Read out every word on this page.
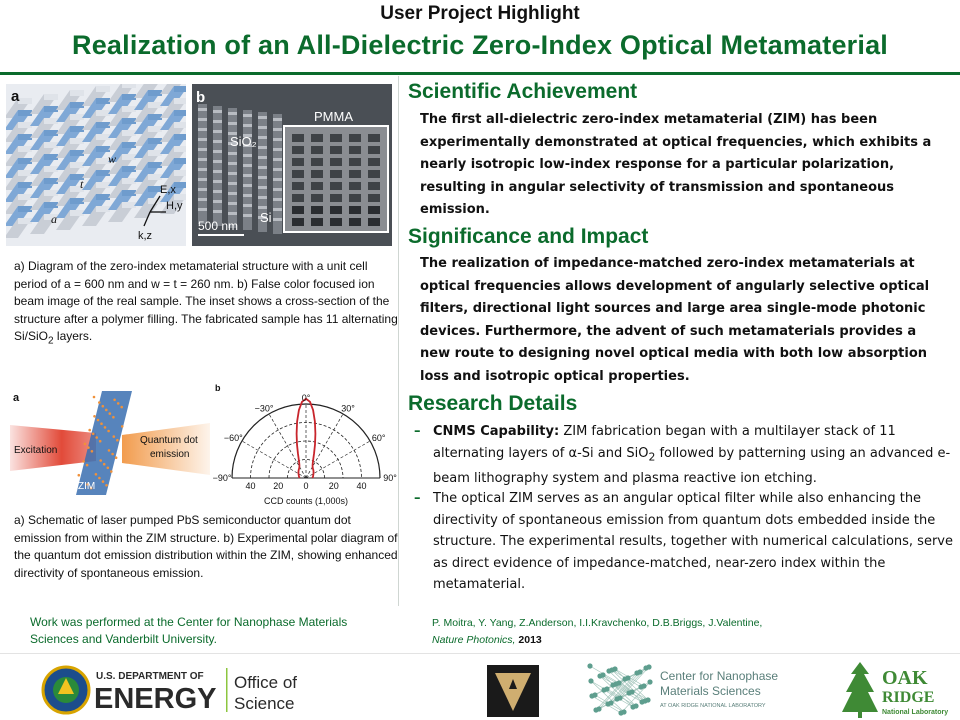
User Project Highlight
Realization of an All-Dielectric Zero-Index Optical Metamaterial
a
w
t
a
E,x
H,y
k,z
b
SiO₂
PMMA
Si
500 nm
a) Diagram of the zero-index metamaterial structure with a unit cell period of a = 600 nm and w = t = 260 nm. b) False color focused ion beam image of the real sample. The inset shows a cross-section of the structure after a polymer filling. The fabricated sample has 11 alternating Si/SiO$_2$ layers.
a
Excitation
Quantum dot
emission
ZIM
b
0°
30°
60°
90°
−30°
−60°
−90°
40 20 0 20 40
CCD counts (1,000s)
a) Schematic of laser pumped PbS semiconductor quantum dot emission from within the ZIM structure. b) Experimental polar diagram of the quantum dot emission distribution within the ZIM, showing enhanced directivity of spontaneous emission.
Work was performed at the Center for Nanophase Materials Sciences and Vanderbilt University.
Scientific Achievement
The first all-dielectric zero-index metamaterial (ZIM) has been experimentally demonstrated at optical frequencies, which exhibits a nearly isotropic low-index response for a particular polarization, resulting in angular selectivity of transmission and spontaneous emission.
Significance and Impact
The realization of impedance-matched zero-index metamaterials at optical frequencies allows development of angularly selective optical filters, directional light sources and large area single-mode photonic devices. Furthermore, the advent of such metamaterials provides a new route to designing novel optical media with both low absorption loss and isotropic optical properties.
Research Details
– CNMS Capability: ZIM fabrication began with a multilayer stack of 11 alternating layers of α-Si and SiO$_2$ followed by patterning using an advanced e-beam lithography system and plasma reactive ion etching.
– The optical ZIM serves as an angular optical filter while also enhancing the directivity of spontaneous emission from quantum dots embedded inside the structure. The experimental results, together with numerical calculations, serve as direct evidence of impedance-matched, near-zero index within the metamaterial.
P. Moitra, Y. Yang, Z.Anderson, I.I.Kravchenko, D.B.Briggs, J.Valentine,
Nature Photonics, 2013
U.S. DEPARTMENT OF
ENERGY
Office of
Science
Center for Nanophase
Materials Sciences
AT OAK RIDGE NATIONAL LABORATORY
OAK
RIDGE
National Laboratory
